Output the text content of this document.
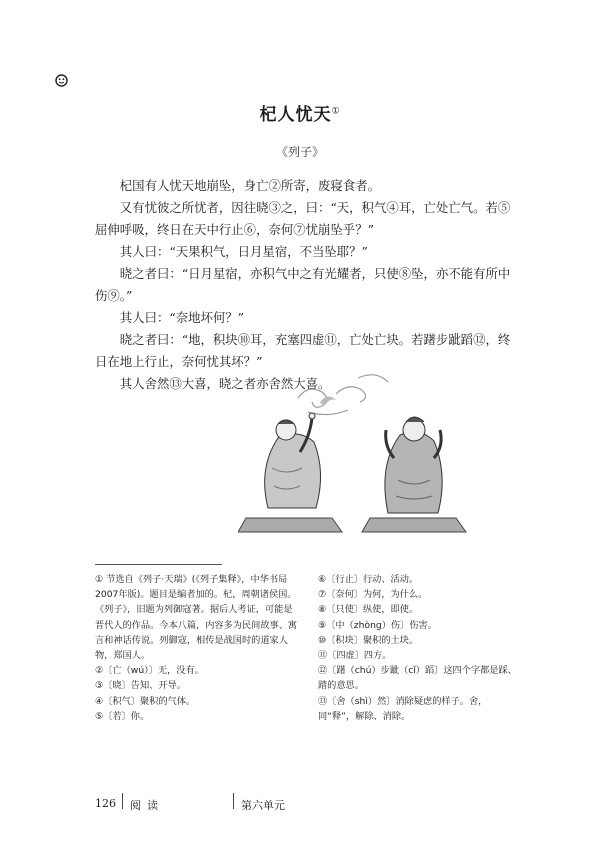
杞人忧天①
《列子》

杞国有人忧天地崩坠，身亡②所寄，废寝食者。

又有忧彼之所忧者，因往晓③之，曰：“天，积气④耳，亡处亡气。若⑤屈伸呼吸，终日在天中行止⑥，奈何⑦忧崩坠乎？”

其人曰：“天果积气，日月星宿，不当坠耶？”

晓之者曰：“日月星宿，亦积气中之有光耀者，只使⑧坠，亦不能有所中伤⑨。”

其人曰：“奈地坏何？”

晓之者曰：“地，积块⑩耳，充塞四虚⑪，亡处亡块。若躇步跐蹈⑫，终日在地上行止，奈何忧其坏？”

其人舍然⑬大喜，晓之者亦舍然大喜。

① 节选自《列子·天瑞》(《列子集释》，中华书局2007年版)。题目是编者加的。杞，周朝诸侯国。《列子》，旧题为列御寇著。据后人考证，可能是晋代人的作品。今本八篇，内容多为民间故事、寓言和神话传说。列御寇，相传是战国时的道家人物，郑国人。

②〔亡（wú）〕无，没有。

③〔晓〕告知、开导。

④〔积气〕聚积的气体。

⑤〔若〕你。

⑥〔行止〕行动、活动。

⑦〔奈何〕为何，为什么。

⑧〔只使〕纵使，即使。

⑨〔中（zhòng）伤〕伤害。

⑩〔积块〕聚积的土块。

⑪〔四虚〕四方。

⑫〔躇（chú）步跐（cǐ）蹈〕这四个字都是踩、踏的意思。

⑬〔舍（shì）然〕消除疑虑的样子。舍，同“释”，解除、消除。

126 阅读	第六单元
